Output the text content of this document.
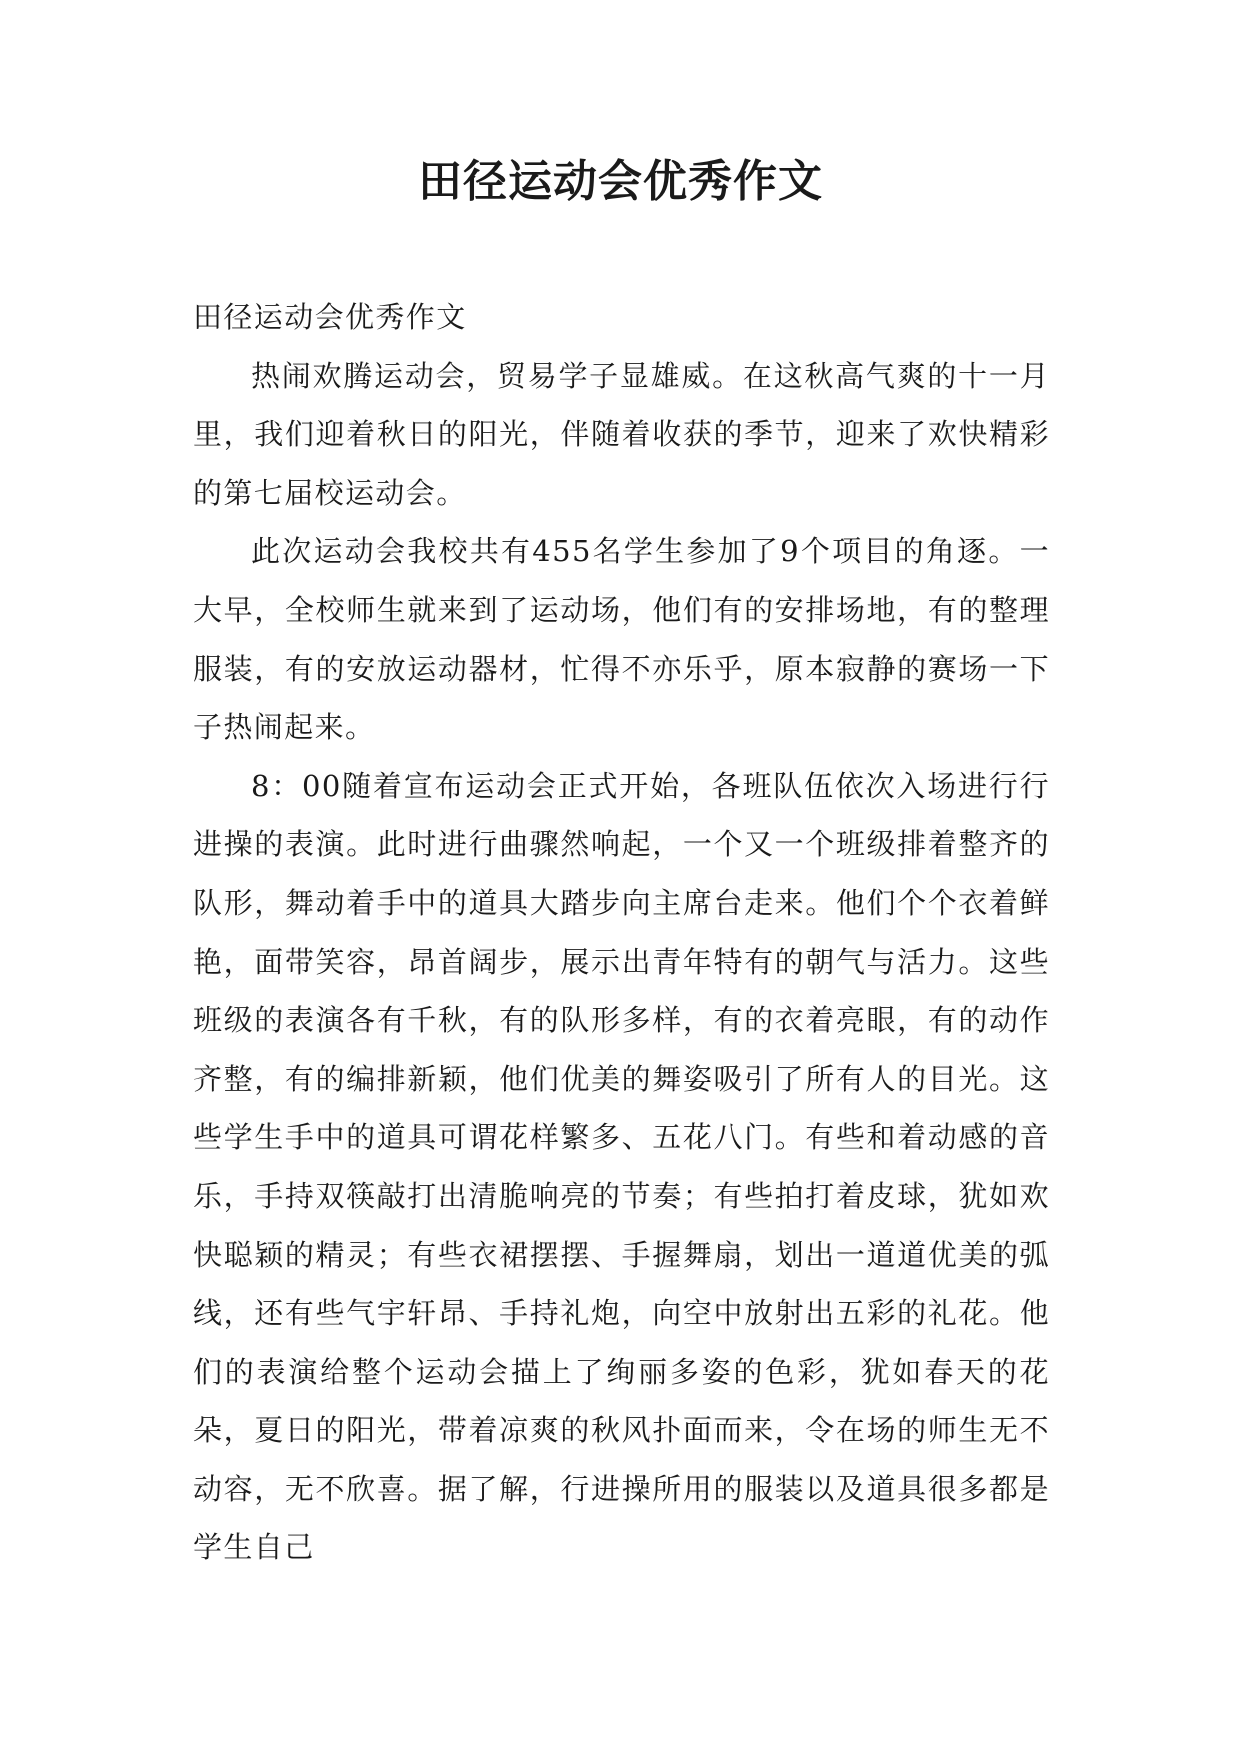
田径运动会优秀作文

田径运动会优秀作文

热闹欢腾运动会，贸易学子显雄威。在这秋高气爽的十一月里，我们迎着秋日的阳光，伴随着收获的季节，迎来了欢快精彩的第七届校运动会。

此次运动会我校共有455名学生参加了9个项目的角逐。一大早，全校师生就来到了运动场，他们有的安排场地，有的整理服装，有的安放运动器材，忙得不亦乐乎，原本寂静的赛场一下子热闹起来。

8：00随着宣布运动会正式开始，各班队伍依次入场进行行进操的表演。此时进行曲骤然响起，一个又一个班级排着整齐的队形，舞动着手中的道具大踏步向主席台走来。他们个个衣着鲜艳，面带笑容，昂首阔步，展示出青年特有的朝气与活力。这些班级的表演各有千秋，有的队形多样，有的衣着亮眼，有的动作齐整，有的编排新颖，他们优美的舞姿吸引了所有人的目光。这些学生手中的道具可谓花样繁多、五花八门。有些和着动感的音乐，手持双筷敲打出清脆响亮的节奏；有些拍打着皮球，犹如欢快聪颖的精灵；有些衣裙摆摆、手握舞扇，划出一道道优美的弧线，还有些气宇轩昂、手持礼炮，向空中放射出五彩的礼花。他们的表演给整个运动会描上了绚丽多姿的色彩，犹如春天的花朵，夏日的阳光，带着凉爽的秋风扑面而来，令在场的师生无不动容，无不欣喜。据了解，行进操所用的服装以及道具很多都是学生自己
